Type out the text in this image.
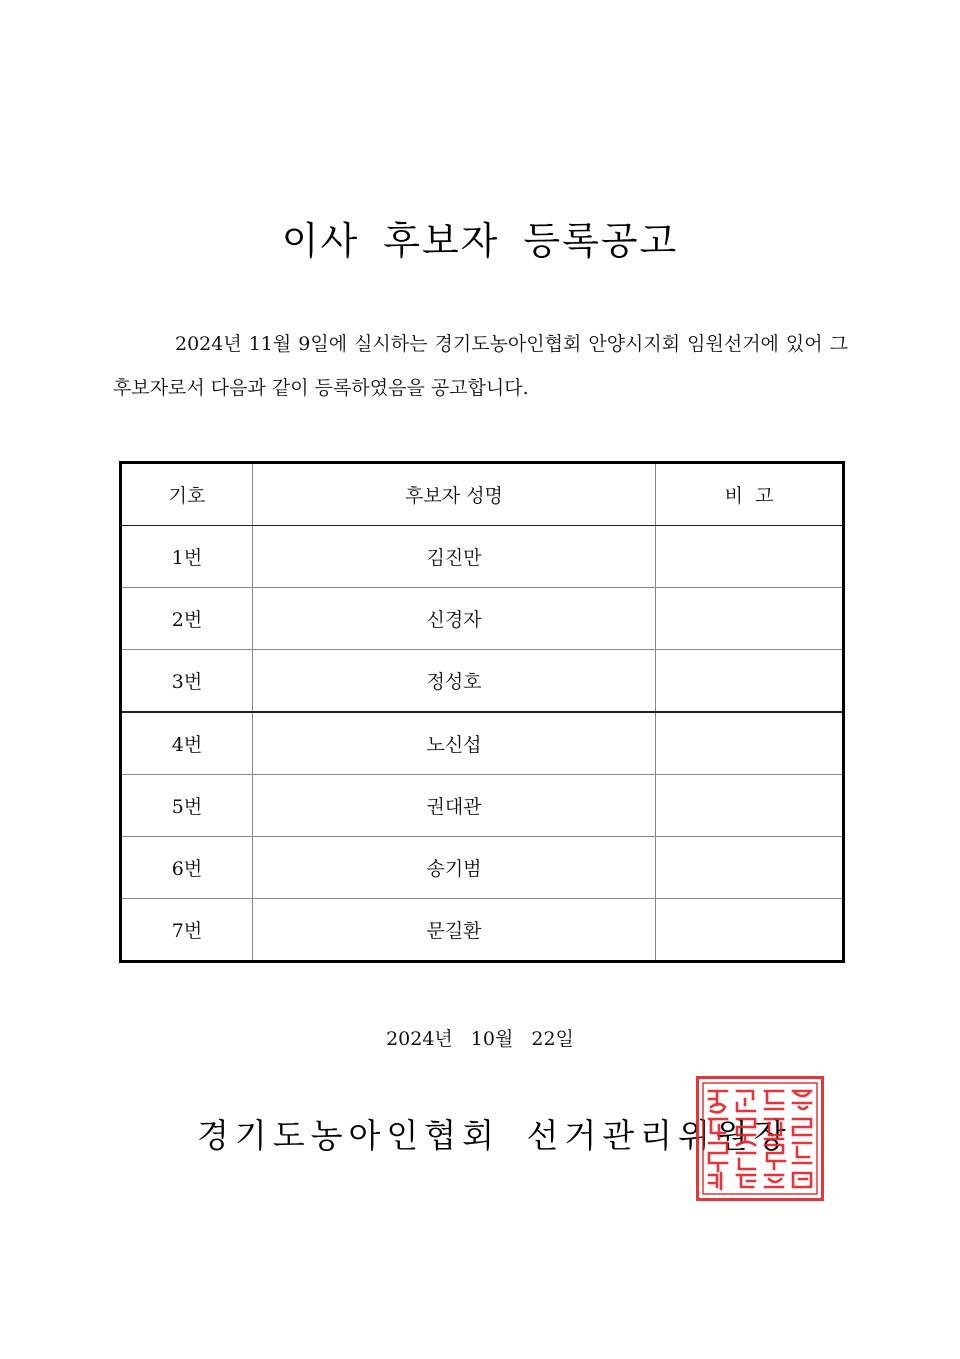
이사 후보자 등록공고
2024년 11월 9일에 실시하는 경기도농아인협회 안양시지회 임원선거에 있어 그 후보자로서 다음과 같이 등록하였음을 공고합니다.
기호	후보자 성명	비  고
1번	김진만	
2번	신경자	
3번	정성호	
4번	노신섭	
5번	권대관	
6번	송기범	
7번	문길환	
2024년 10월 22일
경기도농아인협회 선거관리위원장
